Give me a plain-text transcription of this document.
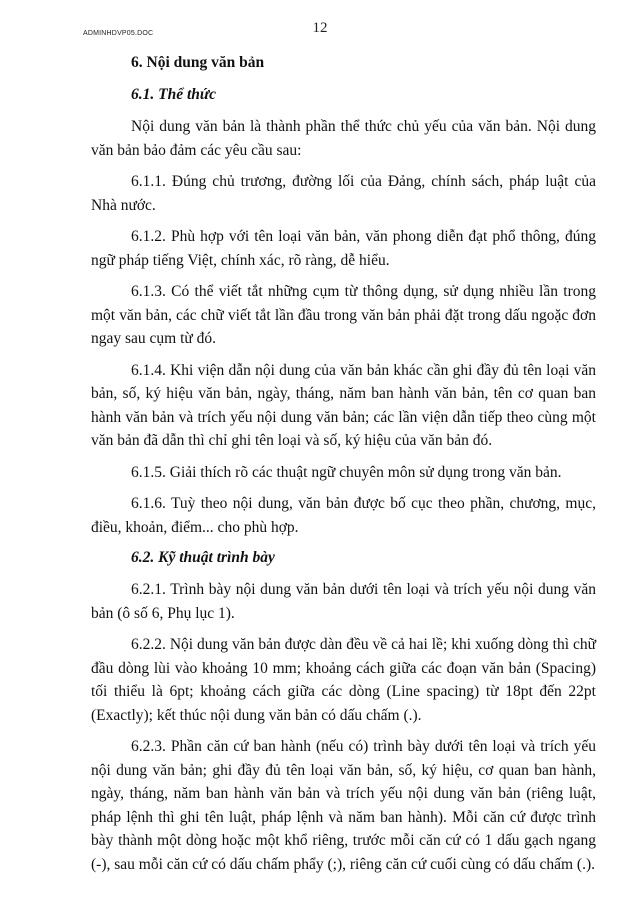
ADMINHDVP05.DOC	12
6. Nội dung văn bản
6.1. Thể thức

Nội dung văn bản là thành phần thể thức chủ yếu của văn bản. Nội dung văn bản bảo đảm các yêu cầu sau:

6.1.1. Đúng chủ trương, đường lối của Đảng, chính sách, pháp luật của Nhà nước.

6.1.2. Phù hợp với tên loại văn bản, văn phong diễn đạt phổ thông, đúng ngữ pháp tiếng Việt, chính xác, rõ ràng, dễ hiểu.

6.1.3. Có thể viết tắt những cụm từ thông dụng, sử dụng nhiều lần trong một văn bản, các chữ viết tắt lần đầu trong văn bản phải đặt trong dấu ngoặc đơn ngay sau cụm từ đó.

6.1.4. Khi viện dẫn nội dung của văn bản khác cần ghi đầy đủ tên loại văn bản, số, ký hiệu văn bản, ngày, tháng, năm ban hành văn bản, tên cơ quan ban hành văn bản và trích yếu nội dung văn bản; các lần viện dẫn tiếp theo cùng một văn bản đã dẫn thì chỉ ghi tên loại và số, ký hiệu của văn bản đó.

6.1.5. Giải thích rõ các thuật ngữ chuyên môn sử dụng trong văn bản.

6.1.6. Tuỳ theo nội dung, văn bản được bố cục theo phần, chương, mục, điều, khoản, điểm... cho phù hợp.

6.2. Kỹ thuật trình bày

6.2.1. Trình bày nội dung văn bản dưới tên loại và trích yếu nội dung văn bản (ô số 6, Phụ lục 1).

6.2.2. Nội dung văn bản được dàn đều về cả hai lề; khi xuống dòng thì chữ đầu dòng lùi vào khoảng 10 mm; khoảng cách giữa các đoạn văn bản (Spacing) tối thiểu là 6pt; khoảng cách giữa các dòng (Line spacing) từ 18pt đến 22pt (Exactly); kết thúc nội dung văn bản có dấu chấm (.).

6.2.3. Phần căn cứ ban hành (nếu có) trình bày dưới tên loại và trích yếu nội dung văn bản; ghi đầy đủ tên loại văn bản, số, ký hiệu, cơ quan ban hành, ngày, tháng, năm ban hành văn bản và trích yếu nội dung văn bản (riêng luật, pháp lệnh thì ghi tên luật, pháp lệnh và năm ban hành). Mỗi căn cứ được trình bày thành một dòng hoặc một khổ riêng, trước mỗi căn cứ có 1 dấu gạch ngang (-), sau mỗi căn cứ có dấu chấm phẩy (;), riêng căn cứ cuối cùng có dấu chấm (.).
